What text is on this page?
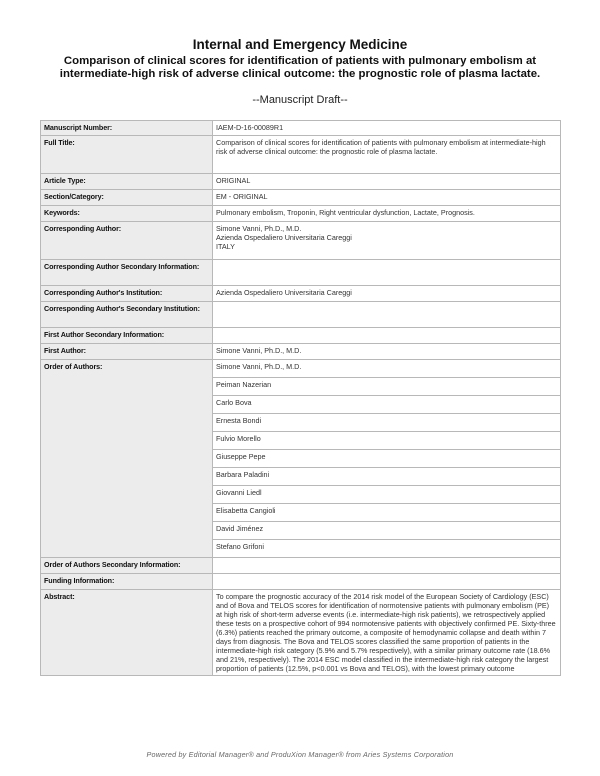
Internal and Emergency Medicine
Comparison of clinical scores for identification of patients with pulmonary embolism at intermediate-high risk of adverse clinical outcome: the prognostic role of plasma lactate.
--Manuscript Draft--
Manuscript Number:	IAEM-D-16-00089R1
Full Title:	Comparison of clinical scores for identification of patients with pulmonary embolism at intermediate-high risk of adverse clinical outcome: the prognostic role of plasma lactate.
Article Type:	ORIGINAL
Section/Category:	EM - ORIGINAL
Keywords:	Pulmonary embolism, Troponin, Right ventricular dysfunction, Lactate, Prognosis.
Corresponding Author:	Simone Vanni, Ph.D., M.D.
Azienda Ospedaliero Universitaria Careggi
ITALY

Corresponding Author Secondary Information:	
Corresponding Author's Institution:	Azienda Ospedaliero Universitaria Careggi
Corresponding Author's Secondary Institution:	
First Author Secondary Information:	
First Author:	Simone Vanni, Ph.D., M.D.
Order of Authors:	Simone Vanni, Ph.D., M.D.
	Peiman Nazerian
	Carlo Bova
	Ernesta Bondi
	Fulvio Morello
	Giuseppe Pepe
	Barbara Paladini
	Giovanni Liedl
	Elisabetta Cangioli
	David Jiménez
	Stefano Grifoni
Order of Authors Secondary Information:	
Funding Information:	
Abstract:	To compare the prognostic accuracy of the 2014 risk model of the European Society of Cardiology (ESC) and of Bova and TELOS scores for identification of normotensive patients with pulmonary embolism (PE) at high risk of short-term adverse events (i.e. intermediate-high risk patients), we retrospectively applied these tests on a prospective cohort of 994 normotensive patients with objectively confirmed PE. Sixty-three (6.3%) patients reached the primary outcome, a composite of hemodynamic collapse and death within 7 days from diagnosis. The Bova and TELOS scores classified the same proportion of patients in the intermediate-high risk category (5.9% and 5.7% respectively), with a similar primary outcome rate (18.6% and 21%, respectively). The 2014 ESC model classified in the intermediate-high risk category the largest proportion of patients (12.5%, p<0.001 vs Bova and TELOS), with the lowest primary outcome
Powered by Editorial Manager® and ProduXion Manager® from Aries Systems Corporation
